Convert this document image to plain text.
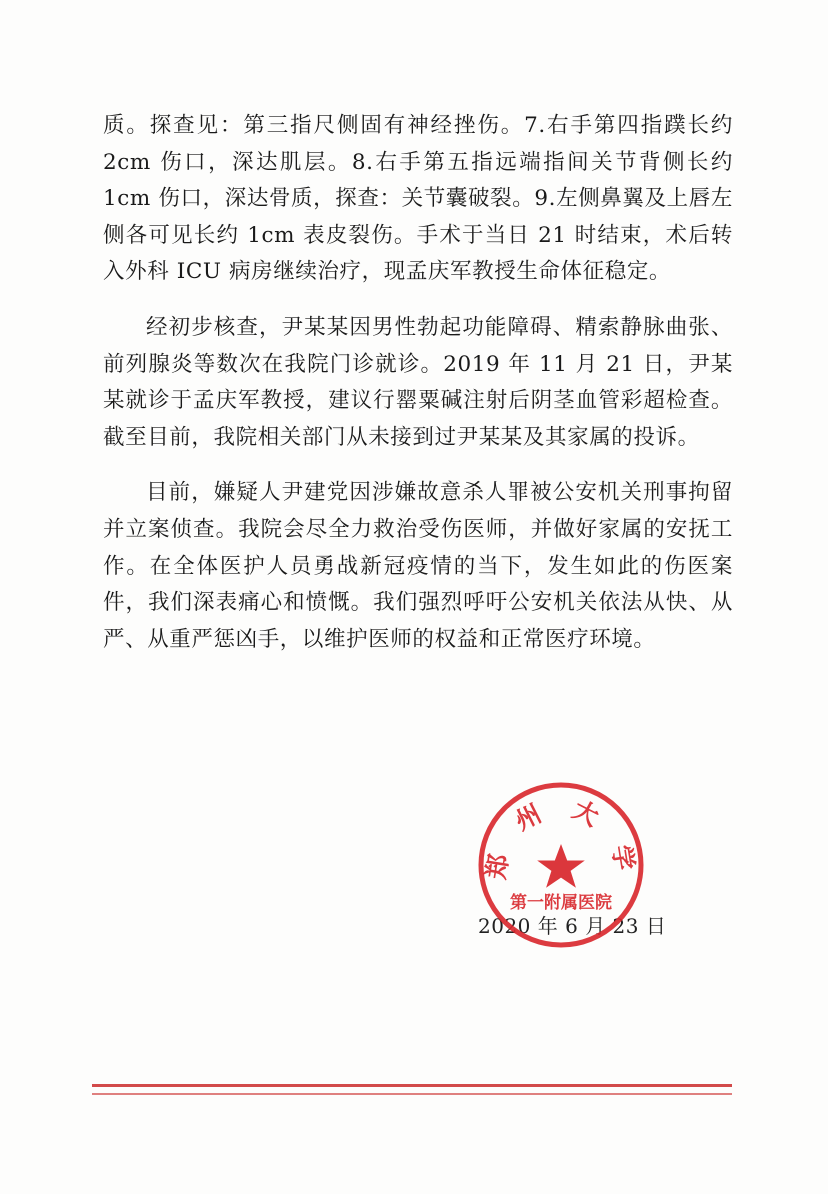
质。探查见：第三指尺侧固有神经挫伤。7.右手第四指蹼长约 2cm 伤口，深达肌层。8.右手第五指远端指间关节背侧长约 1cm 伤口，深达骨质，探查：关节囊破裂。9.左侧鼻翼及上唇左侧各可见长约 1cm 表皮裂伤。手术于当日 21 时结束，术后转入外科 ICU 病房继续治疗，现孟庆军教授生命体征稳定。

经初步核查，尹某某因男性勃起功能障碍、精索静脉曲张、前列腺炎等数次在我院门诊就诊。2019 年 11 月 21 日，尹某某就诊于孟庆军教授，建议行罂粟碱注射后阴茎血管彩超检查。截至目前，我院相关部门从未接到过尹某某及其家属的投诉。

目前，嫌疑人尹建党因涉嫌故意杀人罪被公安机关刑事拘留并立案侦查。我院会尽全力救治受伤医师，并做好家属的安抚工作。在全体医护人员勇战新冠疫情的当下，发生如此的伤医案件，我们深表痛心和愤慨。我们强烈呼吁公安机关依法从快、从严、从重严惩凶手，以维护医师的权益和正常医疗环境。

2020 年 6 月 23 日
郑 州 大 学
第一附属医院
